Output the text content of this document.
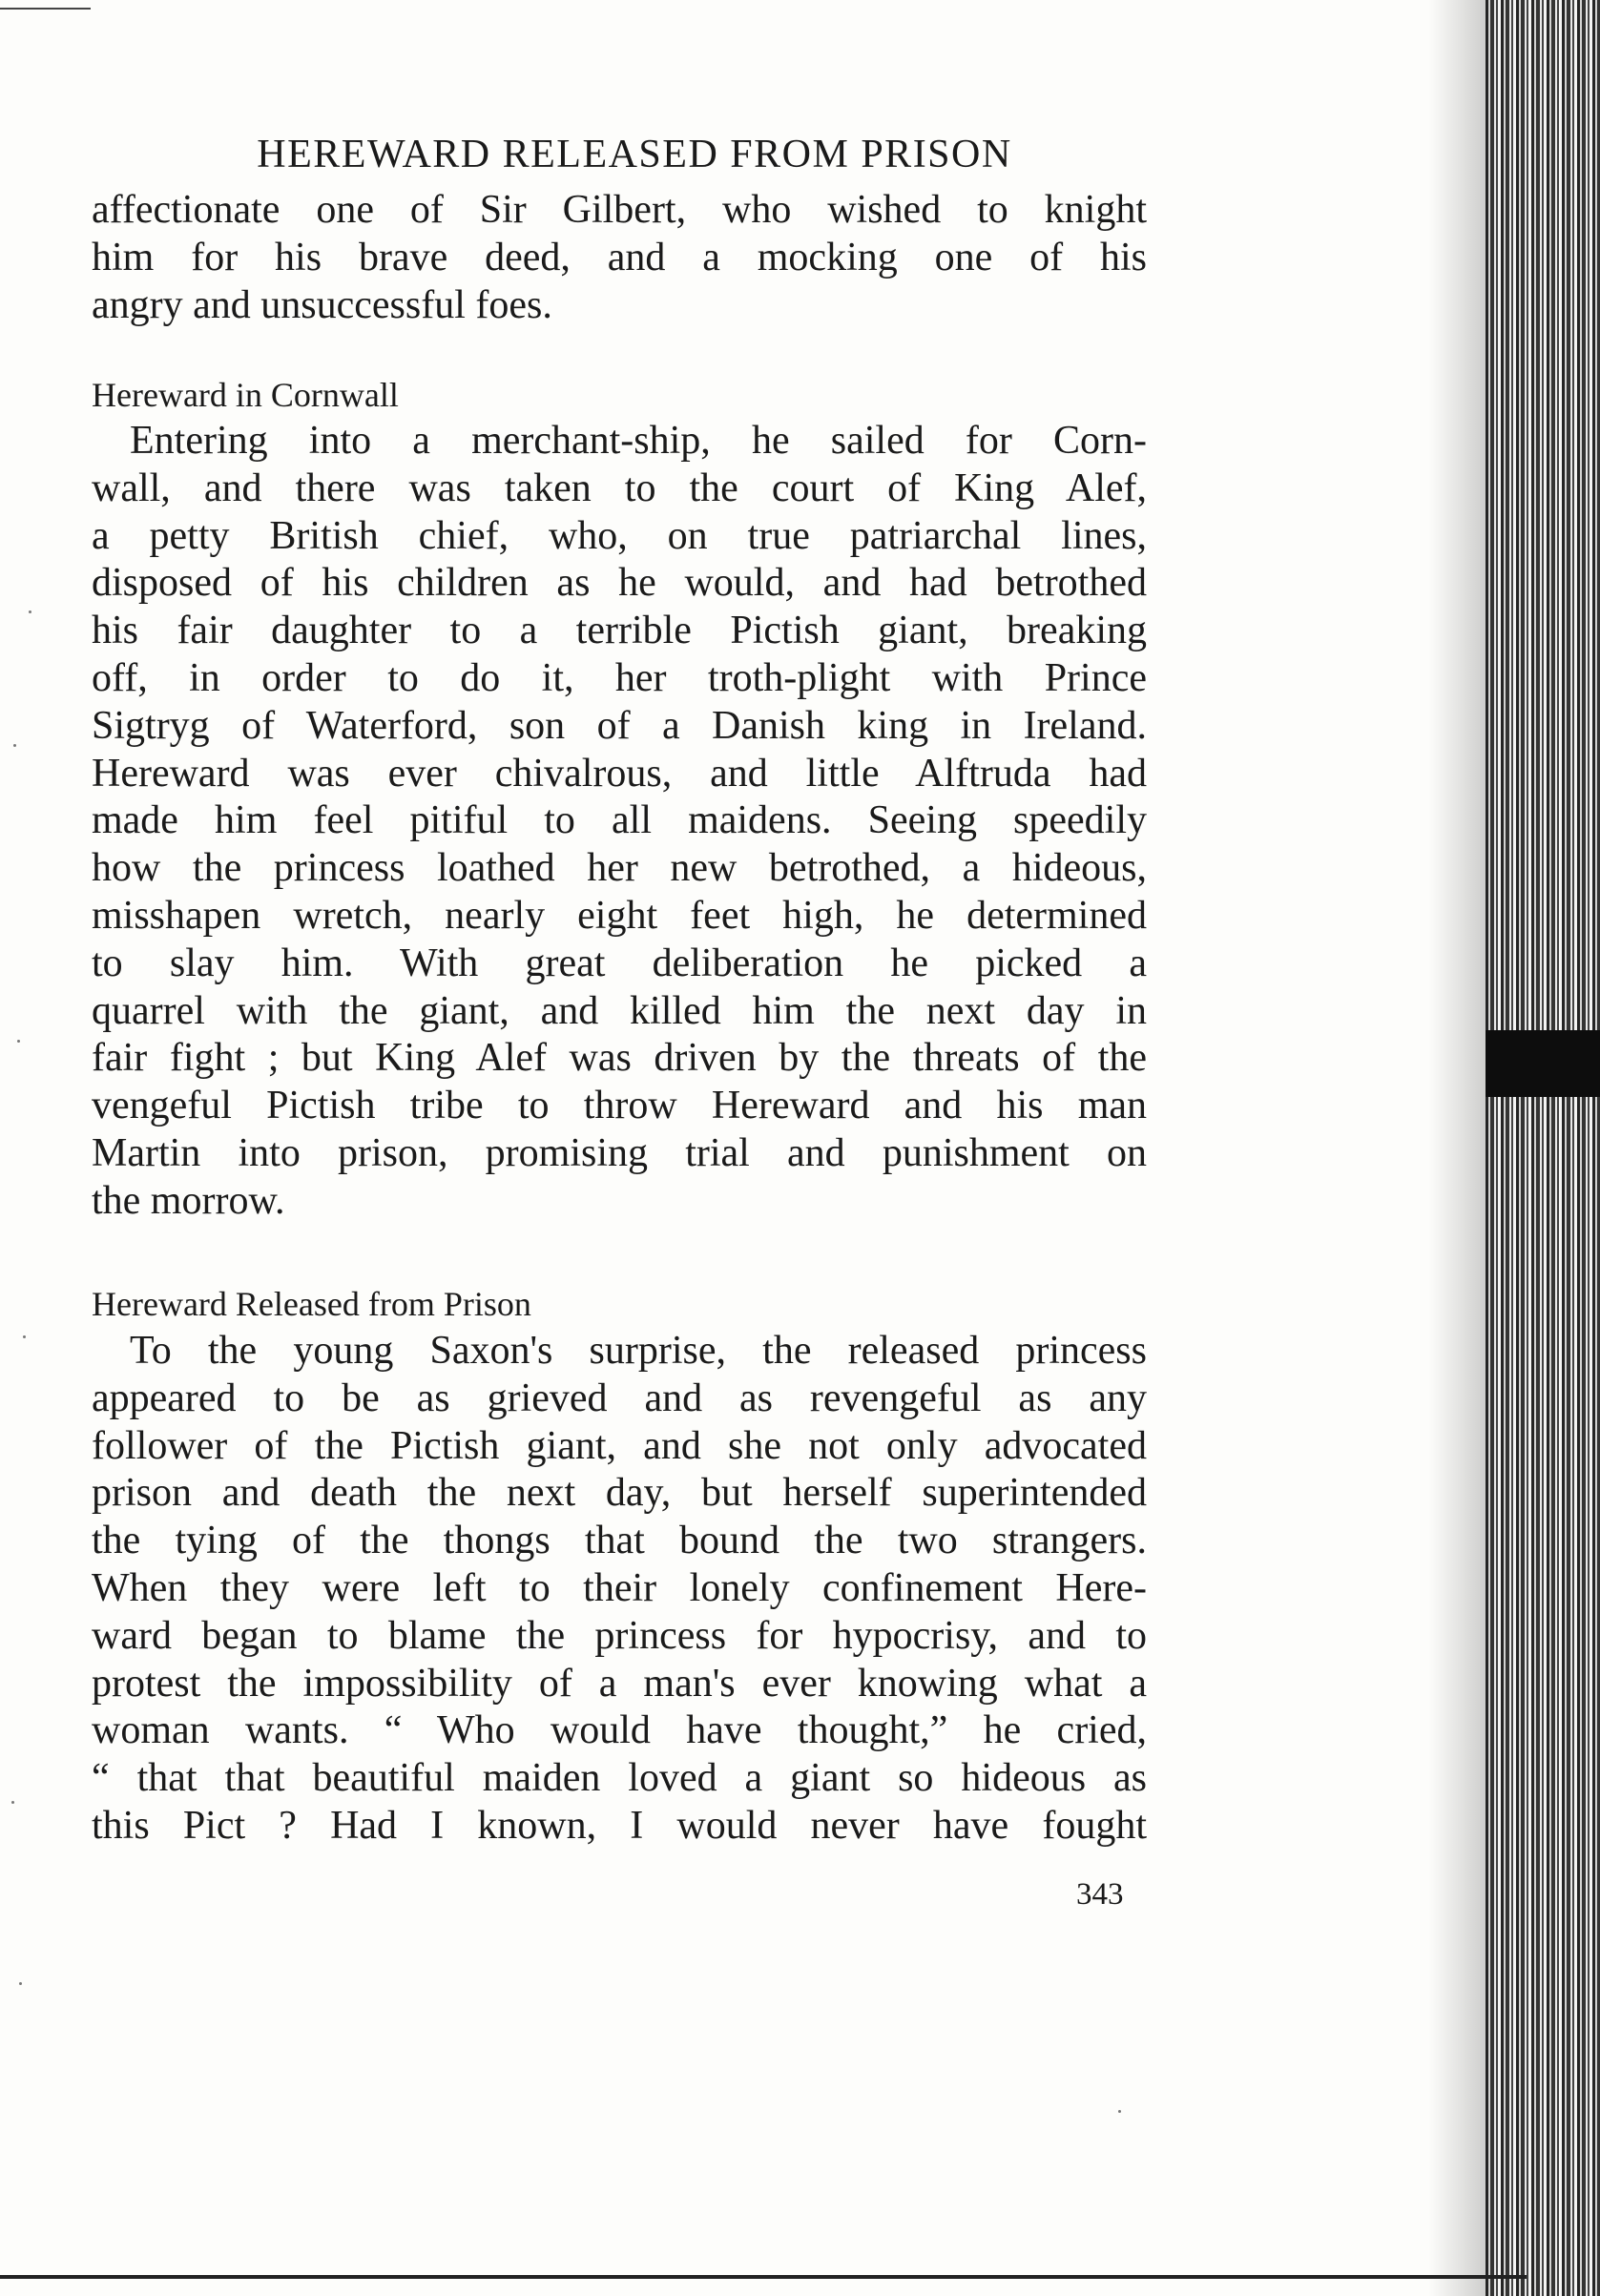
HEREWARD RELEASED FROM PRISON
affectionate one of Sir Gilbert, who wished to knight
him for his brave deed, and a mocking one of his
angry and unsuccessful foes.
Hereward in Cornwall
Entering into a merchant-ship, he sailed for Corn-
wall, and there was taken to the court of King Alef,
a petty British chief, who, on true patriarchal lines,
disposed of his children as he would, and had betrothed
his fair daughter to a terrible Pictish giant, breaking
off, in order to do it, her troth-plight with Prince
Sigtryg of Waterford, son of a Danish king in Ireland.
Hereward was ever chivalrous, and little Alftruda had
made him feel pitiful to all maidens. Seeing speedily
how the princess loathed her new betrothed, a hideous,
misshapen wretch, nearly eight feet high, he determined
to slay him. With great deliberation he picked a
quarrel with the giant, and killed him the next day in
fair fight ; but King Alef was driven by the threats of the
vengeful Pictish tribe to throw Hereward and his man
Martin into prison, promising trial and punishment on
the morrow.
Hereward Released from Prison
To the young Saxon's surprise, the released princess
appeared to be as grieved and as revengeful as any
follower of the Pictish giant, and she not only advocated
prison and death the next day, but herself superintended
the tying of the thongs that bound the two strangers.
When they were left to their lonely confinement Here-
ward began to blame the princess for hypocrisy, and to
protest the impossibility of a man's ever knowing what a
woman wants. “ Who would have thought,” he cried,
“ that that beautiful maiden loved a giant so hideous as
this Pict ? Had I known, I would never have fought
343
